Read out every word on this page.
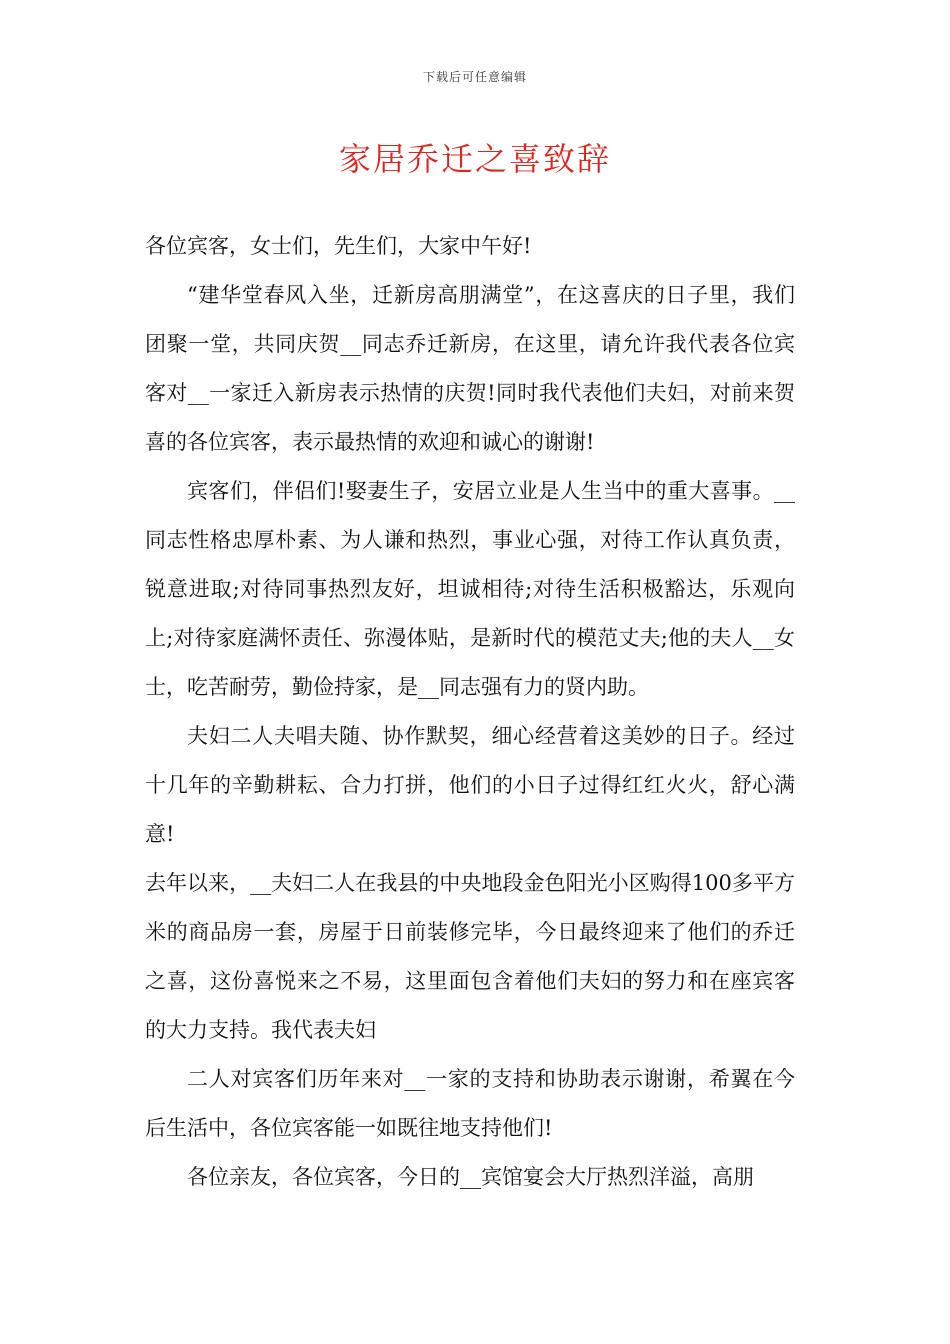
下载后可任意编辑
家居乔迁之喜致辞

各位宾客，女士们，先生们，大家中午好!

“建华堂春风入坐，迁新房高朋满堂”，在这喜庆的日子里，我们团聚一堂，共同庆贺__同志乔迁新房，在这里，请允许我代表各位宾客对__一家迁入新房表示热情的庆贺!同时我代表他们夫妇，对前来贺喜的各位宾客，表示最热情的欢迎和诚心的谢谢!

宾客们，伴侣们!娶妻生子，安居立业是人生当中的重大喜事。__同志性格忠厚朴素、为人谦和热烈，事业心强，对待工作认真负责，锐意进取;对待同事热烈友好，坦诚相待;对待生活积极豁达，乐观向上;对待家庭满怀责任、弥漫体贴，是新时代的模范丈夫;他的夫人__女士，吃苦耐劳，勤俭持家，是__同志强有力的贤内助。

夫妇二人夫唱夫随、协作默契，细心经营着这美妙的日子。经过十几年的辛勤耕耘、合力打拼，他们的小日子过得红红火火，舒心满意!

去年以来，__夫妇二人在我县的中央地段金色阳光小区购得100多平方米的商品房一套，房屋于日前装修完毕，今日最终迎来了他们的乔迁之喜，这份喜悦来之不易，这里面包含着他们夫妇的努力和在座宾客的大力支持。我代表夫妇

二人对宾客们历年来对__一家的支持和协助表示谢谢，希翼在今后生活中，各位宾客能一如既往地支持他们!

各位亲友，各位宾客，今日的__宾馆宴会大厅热烈洋溢，高朋
